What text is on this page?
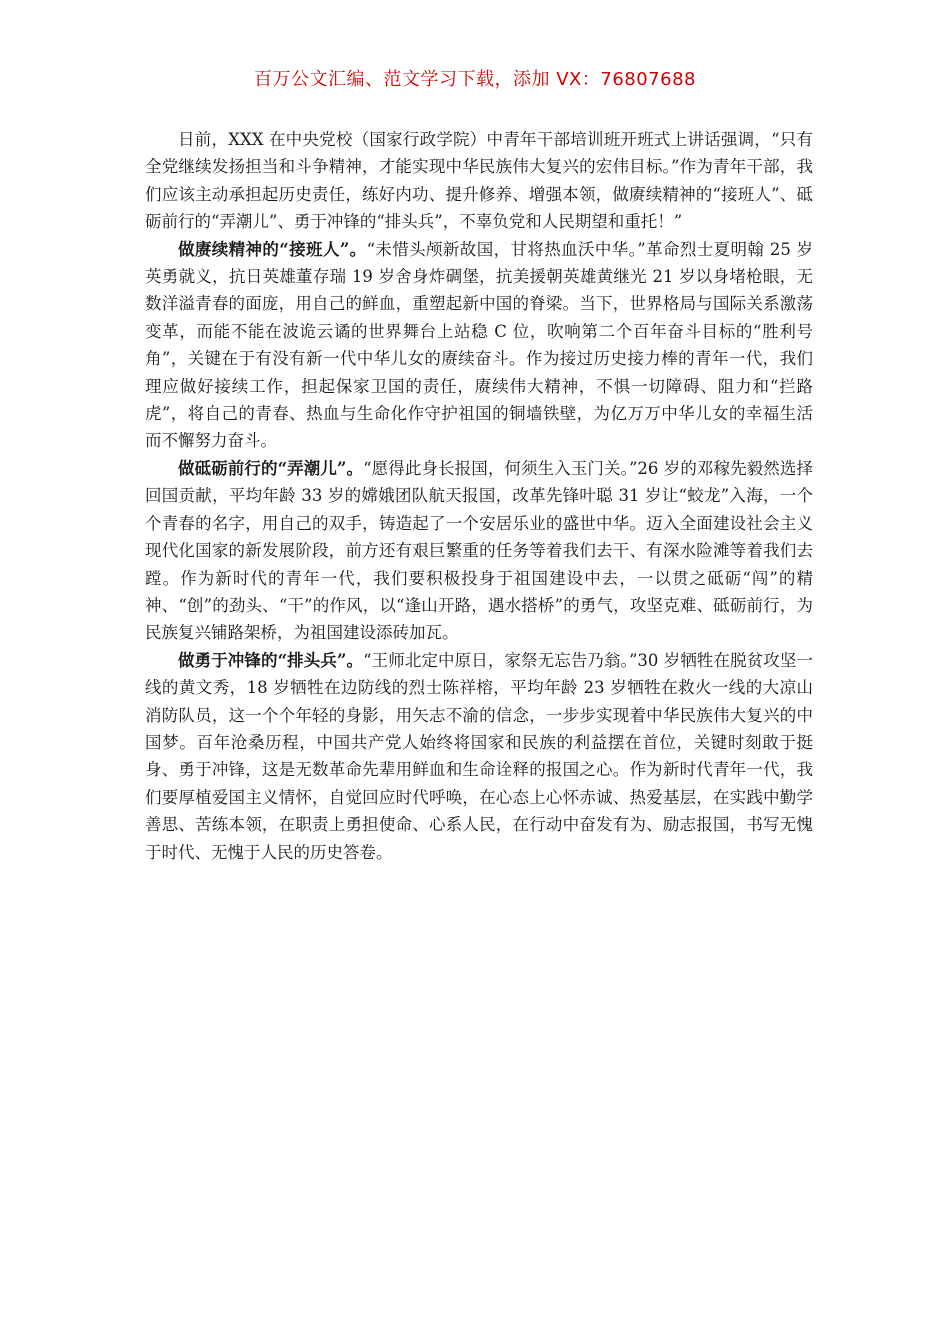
百万公文汇编、范文学习下载，添加 VX：76807688

日前，XXX 在中央党校（国家行政学院）中青年干部培训班开班式上讲话强调，“只有全党继续发扬担当和斗争精神，才能实现中华民族伟大复兴的宏伟目标。”作为青年干部，我们应该主动承担起历史责任，练好内功、提升修养、增强本领，做赓续精神的“接班人”、砥砺前行的“弄潮儿”、勇于冲锋的“排头兵”，不辜负党和人民期望和重托！”

做赓续精神的“接班人”。“未惜头颅新故国，甘将热血沃中华。”革命烈士夏明翰 25 岁英勇就义，抗日英雄董存瑞 19 岁舍身炸碉堡，抗美援朝英雄黄继光 21 岁以身堵枪眼，无数洋溢青春的面庞，用自己的鲜血，重塑起新中国的脊梁。当下，世界格局与国际关系激荡变革，而能不能在波诡云谲的世界舞台上站稳 C 位，吹响第二个百年奋斗目标的“胜利号角”，关键在于有没有新一代中华儿女的赓续奋斗。作为接过历史接力棒的青年一代，我们理应做好接续工作，担起保家卫国的责任，赓续伟大精神，不惧一切障碍、阻力和“拦路虎”，将自己的青春、热血与生命化作守护祖国的铜墙铁壁，为亿万万中华儿女的幸福生活而不懈努力奋斗。

做砥砺前行的“弄潮儿”。“愿得此身长报国，何须生入玉门关。”26 岁的邓稼先毅然选择回国贡献，平均年龄 33 岁的嫦娥团队航天报国，改革先锋叶聪 31 岁让“蛟龙”入海，一个个青春的名字，用自己的双手，铸造起了一个安居乐业的盛世中华。迈入全面建设社会主义现代化国家的新发展阶段，前方还有艰巨繁重的任务等着我们去干、有深水险滩等着我们去蹚。作为新时代的青年一代，我们要积极投身于祖国建设中去，一以贯之砥砺“闯”的精神、“创”的劲头、“干”的作风，以“逢山开路，遇水搭桥”的勇气，攻坚克难、砥砺前行，为民族复兴铺路架桥，为祖国建设添砖加瓦。

做勇于冲锋的“排头兵”。“王师北定中原日，家祭无忘告乃翁。”30 岁牺牲在脱贫攻坚一线的黄文秀，18 岁牺牲在边防线的烈士陈祥榕，平均年龄 23 岁牺牲在救火一线的大凉山消防队员，这一个个年轻的身影，用矢志不渝的信念，一步步实现着中华民族伟大复兴的中国梦。百年沧桑历程，中国共产党人始终将国家和民族的利益摆在首位，关键时刻敢于挺身、勇于冲锋，这是无数革命先辈用鲜血和生命诠释的报国之心。作为新时代青年一代，我们要厚植爱国主义情怀，自觉回应时代呼唤，在心态上心怀赤诚、热爱基层，在实践中勤学善思、苦练本领，在职责上勇担使命、心系人民，在行动中奋发有为、励志报国，书写无愧于时代、无愧于人民的历史答卷。
